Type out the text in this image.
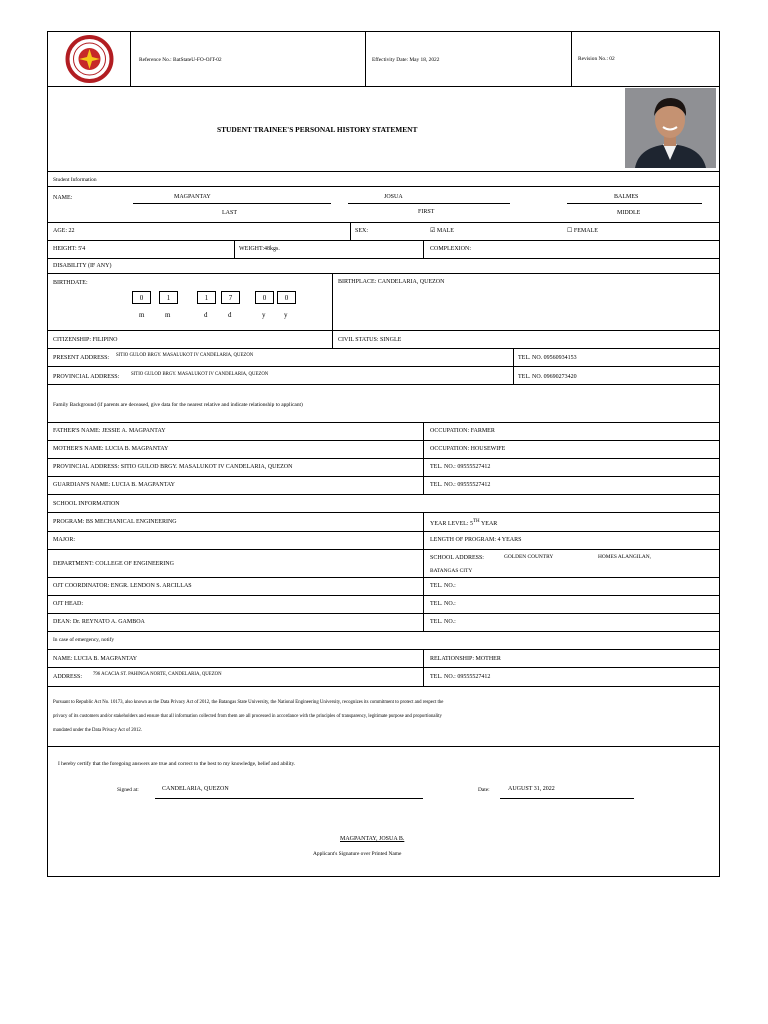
Reference No.: BatStateU-FO-OJT-02	Effectivity Date: May 18, 2022	Revision No.: 02
STUDENT TRAINEE'S PERSONAL HISTORY STATEMENT
Student Information
NAME:	MAGPANTAY	JOSUA	BALMES
LAST	FIRST	MIDDLE
AGE: 22	SEX:	☑ MALE	☐ FEMALE
HEIGHT: 5'4	WEIGHT:48kgs.	COMPLEXION:
DISABILITY (IF ANY)
BIRTHDATE:
0	1	1	7	0	0
m	m	d	d	y	y
BIRTHPLACE: CANDELARIA, QUEZON
CITIZENSHIP: FILIPINO	CIVIL STATUS: SINGLE
PRESENT ADDRESS: SITIO GULOD BRGY. MASALUKOT IV CANDELARIA, QUEZON	TEL. NO. 09560934153
PROVINCIAL ADDRESS: SITIO GULOD BRGY. MASALUKOT IV CANDELARIA, QUEZON	TEL. NO. 09690273420
Family Background (if parents are deceased, give data for the nearest relative and indicate relationship to applicant)
FATHER'S NAME: JESSIE A. MAGPANTAY	OCCUPATION: FARMER
MOTHER'S NAME: LUCIA B. MAGPANTAY	OCCUPATION: HOUSEWIFE
PROVINCIAL ADDRESS: SITIO GULOD BRGY. MASALUKOT IV CANDELARIA, QUEZON	TEL. NO.: 09555527412
GUARDIAN'S NAME: LUCIA B. MAGPANTAY	TEL. NO.: 09555527412
SCHOOL INFORMATION
PROGRAM: BS MECHANICAL ENGINEERING	YEAR LEVEL: 5TH YEAR
MAJOR:	LENGTH OF PROGRAM: 4 YEARS
DEPARTMENT: COLLEGE OF ENGINEERING
SCHOOL ADDRESS:	GOLDEN COUNTRY	HOMES ALANGILAN,
BATANGAS CITY
OJT COORDINATOR: ENGR. LENDON S. ARCILLAS	TEL. NO.:
OJT HEAD:	TEL. NO.:
DEAN: Dr. REYNATO A. GAMBOA	TEL. NO.:
In case of emergency, notify
NAME: LUCIA B. MAGPANTAY	RELATIONSHIP: MOTHER
ADDRESS: 796 ACACIA ST. PAHINGA NORTE, CANDELARIA, QUEZON	TEL. NO.: 09555527412
Pursuant to Republic Act No. 10173, also known as the Data Privacy Act of 2012, the Batangas State University, the National Engineering University, recognizes its commitment to protect and respect the
privacy of its customers and/or stakeholders and ensure that all information collected from them are all processed in accordance with the principles of transparency, legitimate purpose and proportionality
mandated under the Data Privacy Act of 2012.
I hereby certify that the foregoing answers are true and correct to the best to my knowledge, belief and ability.
Signed at:	CANDELARIA, QUEZON	Date:	AUGUST 31, 2022
MAGPANTAY, JOSUA B.
Applicant's Signature over Printed Name
